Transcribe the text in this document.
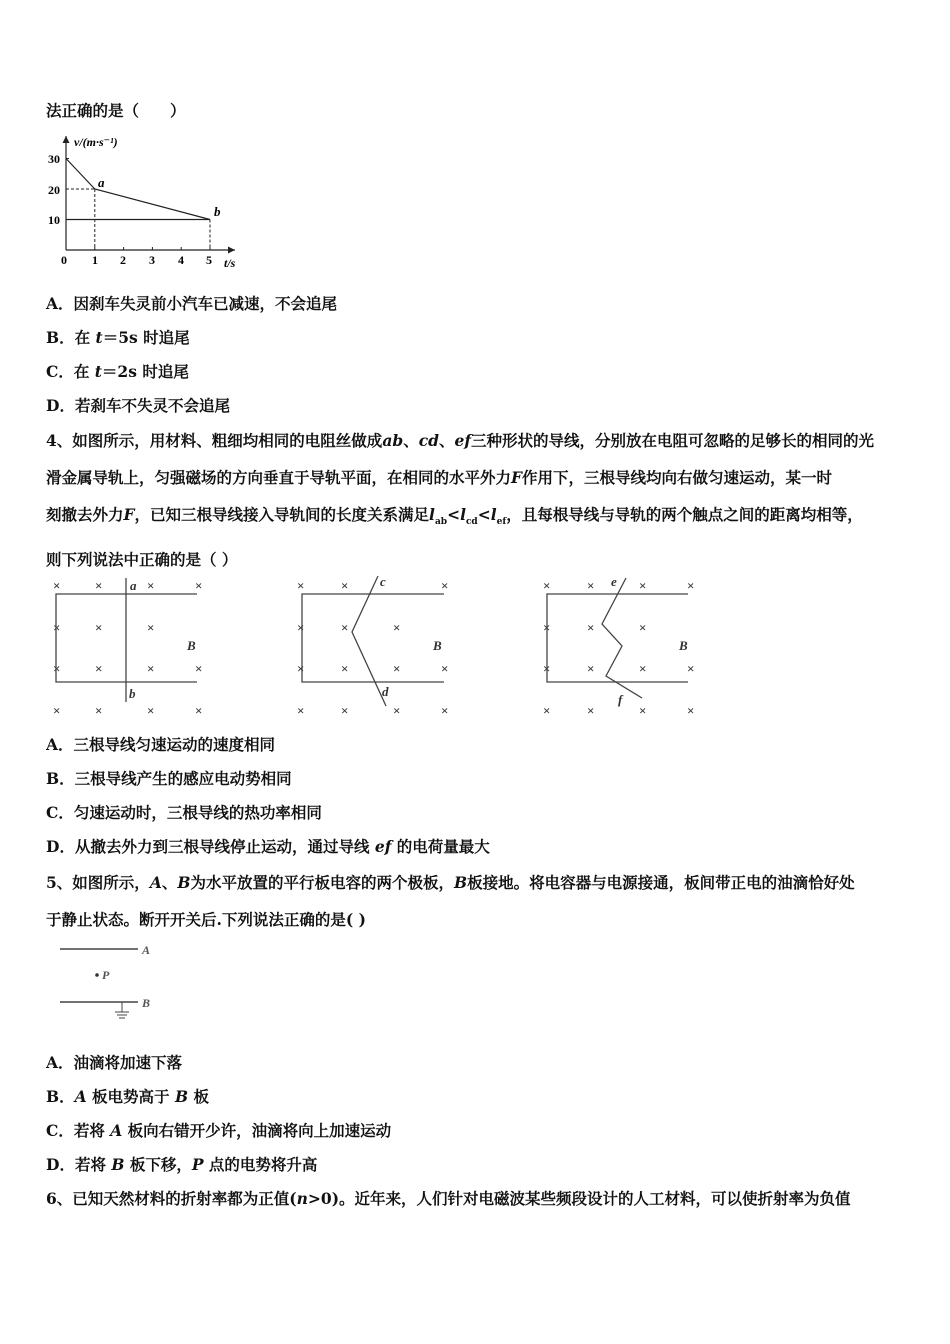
法正确的是（　　）
v/(m·s⁻¹)
t/s
30
20
10
0 1 2 3 4 5
a
b
A．因刹车失灵前小汽车已减速，不会追尾
B．在 t＝5s 时追尾
C．在 t＝2s 时追尾
D．若刹车不失灵不会追尾
4、如图所示，用材料、粗细均相同的电阻丝做成ab、cd、ef三种形状的导线，分别放在电阻可忽略的足够长的相同的光
滑金属导轨上，匀强磁场的方向垂直于导轨平面，在相同的水平外力F作用下，三根导线均向右做匀速运动，某一时
刻撤去外力F，已知三根导线接入导轨间的长度关系满足$l_{ab}<l_{cd}<l_{ef}$，且每根导线与导轨的两个触点之间的距离均相等，
则下列说法中正确的是（ ）
×	×	×	×
×	×	×
×	×	×	×
×	×	×	×
×	×	×
×	×	×
×	×	×	×
×	×	×	×
×	×	×	×
×	×	×
×	×	×	×
×	×	×	×
a
b
B
c
d
B
e
f
B
A．三根导线匀速运动的速度相同
B．三根导线产生的感应电动势相同
C．匀速运动时，三根导线的热功率相同
D．从撤去外力到三根导线停止运动，通过导线 ef 的电荷量最大
5、如图所示，A、B为水平放置的平行板电容的两个极板，B板接地。将电容器与电源接通，板间带正电的油滴恰好处
于静止状态。断开开关后.下列说法正确的是( )
A
P
B
A．油滴将加速下落
B．A 板电势高于 B 板
C．若将 A 板向右错开少许，油滴将向上加速运动
D．若将 B 板下移，P 点的电势将升高
6、已知天然材料的折射率都为正值(n>0)。近年来，人们针对电磁波某些频段设计的人工材料，可以使折射率为负值
